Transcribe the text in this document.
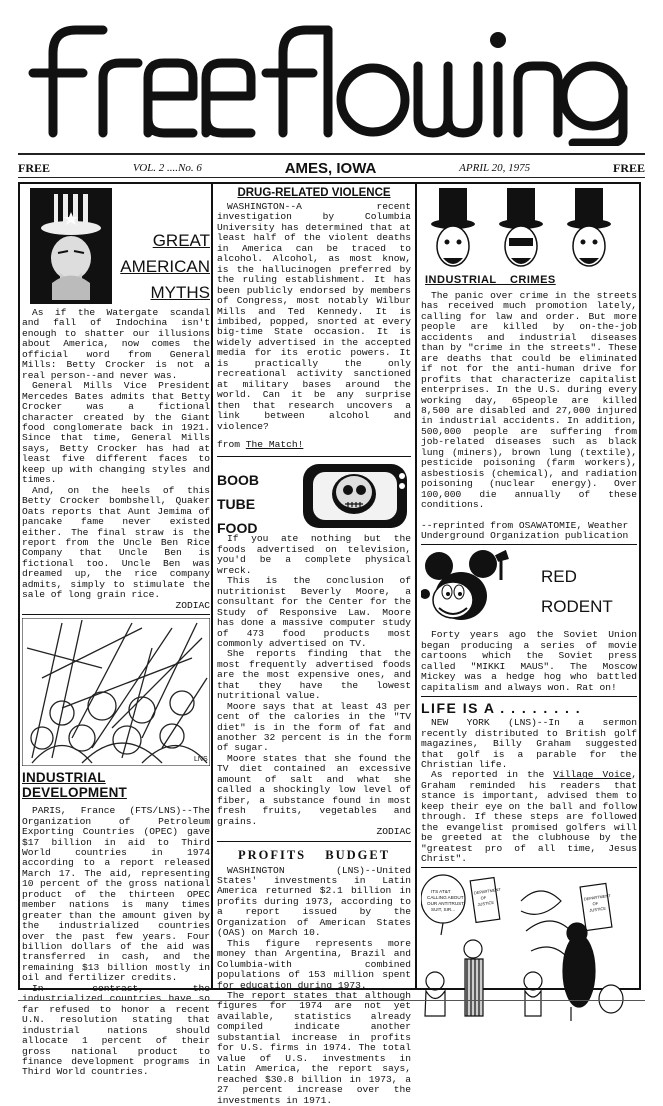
FREE	VOL. 2 ....No. 6	AMES, IOWA	APRIL 20, 1975	FREE
GREAT
AMERICAN
MYTHS

As if the Watergate scandal and fall of Indochina isn't enough to shatter our illusions about America, now comes the official word from General Mills: Betty Crocker is not a real person--and never was.

General Mills Vice President Mercedes Bates admits that Betty Crocker was a fictional character created by the Giant food conglomerate back in 1921. Since that time, General Mills says, Betty Crocker has had at least five different faces to keep up with changing styles and times.

And, on the heels of this Betty Crocker bombshell, Quaker Oats reports that Aunt Jemima of pancake fame never existed either. The final straw is the report from the Uncle Ben Rice Company that Uncle Ben is fictional too. Uncle Ben was dreamed up, the rice company admits, simply to stimulate the sale of long grain rice.

ZODIAC
LNS
INDUSTRIAL DEVELOPMENT

PARIS, France (FTS/LNS)--The Organization of Petroleum Exporting Countries (OPEC) gave $17 billion in aid to Third World countries in 1974 according to a report released March 17. The aid, representing 10 percent of the gross national product of the thirteen OPEC member nations is many times greater than the amount given by the industrialized countries over the past few years. Four billion dollars of the aid was transferred in cash, and the remaining $13 billion mostly in oil and fertilizer credits.

In contrast, the industrialized countries have so far refused to honor a recent U.N. resolution stating that industrial nations should allocate 1 percent of their gross national product to finance development programs in Third World countries.

DRUG-RELATED VIOLENCE

WASHINGTON--A recent investigation by Columbia University has determined that at least half of the violent deaths in America can be traced to alcohol. Alcohol, as most know, is the hallucinogen preferred by the ruling establishment. It has been publicly endorsed by members of Congress, most notably Wilbur Mills and Ted Kennedy. It is imbibed, popped, snorted at every big-time State occasion. It is widely advertised in the accepted media for its erotic powers. It is practically the only recreational activity sanctioned at military bases around the world. Can it be any surprise then that research uncovers a link between alcohol and violence?

from The Match!
BOOB
TUBE
FOOD

If you ate nothing but the foods advertised on television, you'd be a complete physical wreck.

This is the conclusion of nutritionist Beverly Moore, a consultant for the Center for the Study of Responsive Law. Moore has done a massive computer study of 473 food products most commonly advertised on TV.

She reports finding that the most frequently advertised foods are the most expensive ones, and that they have the lowest nutritional value.

Moore says that at least 43 per cent of the calories in the "TV diet" is in the form of fat and another 32 percent is in the form of sugar.

Moore states that she found the TV diet contained an excessive amount of salt and what she called a shockingly low level of fiber, a substance found in most fresh fruits, vegetables and grains.

ZODIAC
PROFITS BUDGET

WASHINGTON (LNS)--United States' investments in Latin America returned $2.1 billion in profits during 1973, according to a report issued by the Organization of American States (OAS) on March 10.

This figure represents more money than Argentina, Brazil and Columbia-with combined populations of 153 million spent for education during 1973.

The report states that although figures for 1974 are not yet available, statistics already compiled indicate another substantial increase in profits for U.S. firms in 1974. The total value of U.S. investments in Latin America, the report says, reached $30.8 billion in 1973, a 27 percent increase over the investments in 1971.

INDUSTRIAL CRIMES

The panic over crime in the streets has received much promotion lately, calling for law and order. But more people are killed by on-the-job accidents and industrial diseases than by "crime in the streets". These are deaths that could be eliminated if not for the anti-human drive for profits that characterize capitalist enterprises. In the U.S. during every working day, 65people are killed 8,500 are disabled and 27,000 injured in industrial accidents. In addition, 500,000 people are suffering from job-related diseases such as black lung (miners), brown lung (textile), pesticide poisoning (farm workers), asbestiosis (chemical), and radiation poisoning (nuclear energy). Over 100,000 die annually of these conditions.

--reprinted from OSAWATOMIE, Weather Underground Organization publication
RED
RODENT

Forty years ago the Soviet Union began producing a series of movie cartoons which the Soviet press called "MIKKI MAUS". The Moscow Mickey was a hedge hog who battled capitalism and always won. Rat on!

LIFE IS A . . . . . . . .

NEW YORK (LNS)--In a sermon recently distributed to British golf magazines, Billy Graham suggested that golf is a parable for the Christian life.

As reported in the Village Voice, Graham reminded his readers that stance is important, advised them to keep their eye on the ball and follow through. If these steps are followed the evangelist promised golfers will be greeted at the clubhouse by the "greatest pro of all time, Jesus Christ".

ITS AT&T CALLING ABOUT OUR ANTITRUST SUIT, SIR...
DEPARTMENTOFJUSTICE
DEPARTMENTOFJUSTICE
